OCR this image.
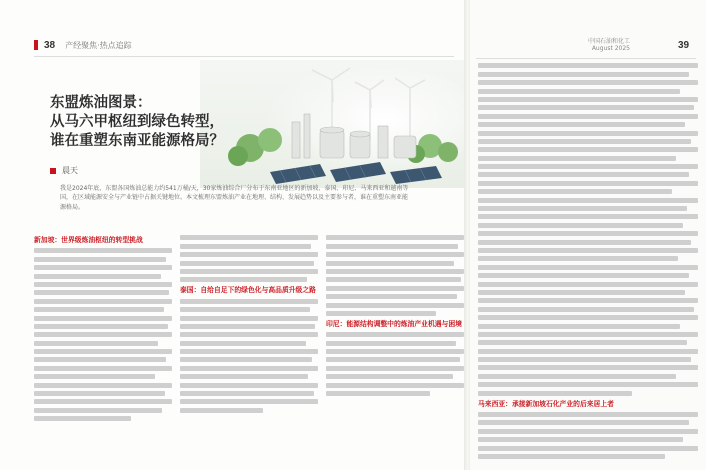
38 产经聚焦·热点追踪
东盟炼油图景：
从马六甲枢纽到绿色转型，
谁在重塑东南亚能源格局？
晨天
我是2024年底，东盟各国炼油总能力约541万桶/天，30家炼油综合厂分布于东南亚地区的新加坡、泰国、印尼、马来西亚和越南等国，在区域能源安全与产业链中占据关键地位。本文梳理东盟炼油产业在地理、结构、发展趋势以及主要参与者，谁在重塑东南亚能源格局。
新加坡：世界级炼油枢纽的转型挑战
泰国：自给自足下的绿色化与高品质升级之路
印尼：能源结构调整中的炼油产业机遇与困境
中国石油和化工
August 2025	39
马来西亚：承接新加坡石化产业的后来居上者
